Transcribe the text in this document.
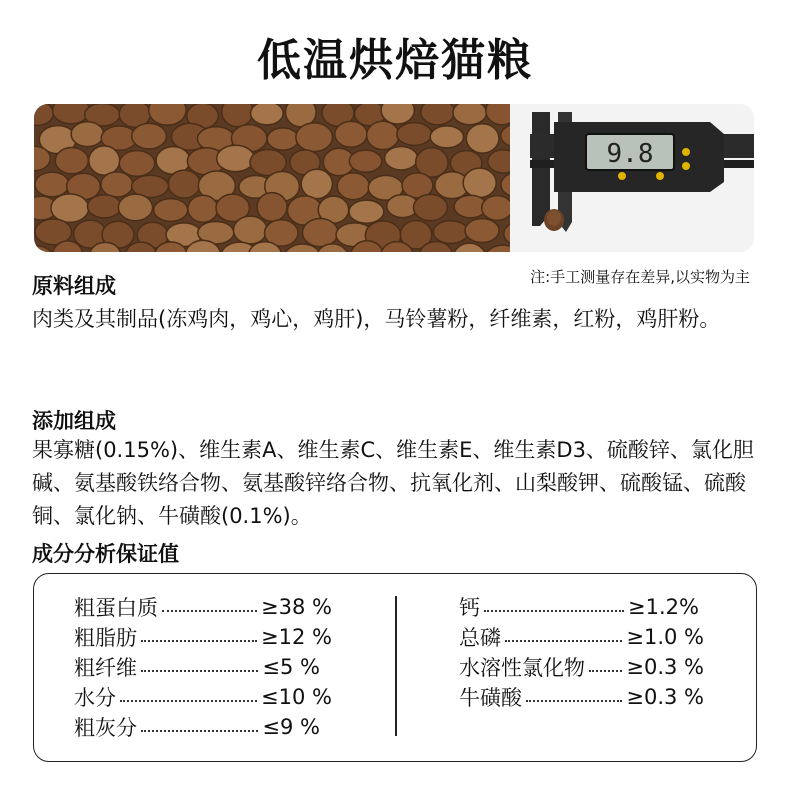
低温烘焙猫粮
9.8
注:手工测量存在差异,以实物为主
原料组成
肉类及其制品(冻鸡肉，鸡心，鸡肝)，马铃薯粉，纤维素，红粉，鸡肝粉。
添加组成
果寡糖(0.15%)、维生素A、维生素C、维生素E、维生素D3、硫酸锌、氯化胆碱、氨基酸铁络合物、氨基酸锌络合物、抗氧化剂、山梨酸钾、硫酸锰、硫酸铜、氯化钠、牛磺酸(0.1%)。
成分分析保证值
粗蛋白质	≥38 %
粗脂肪	≥12 %
粗纤维	≤5 %
水分	≤10 %
粗灰分	≤9 %
钙	≥1.2%
总磷	≥1.0 %
水溶性氯化物 ≥0.3 %
牛磺酸	≥0.3 %
